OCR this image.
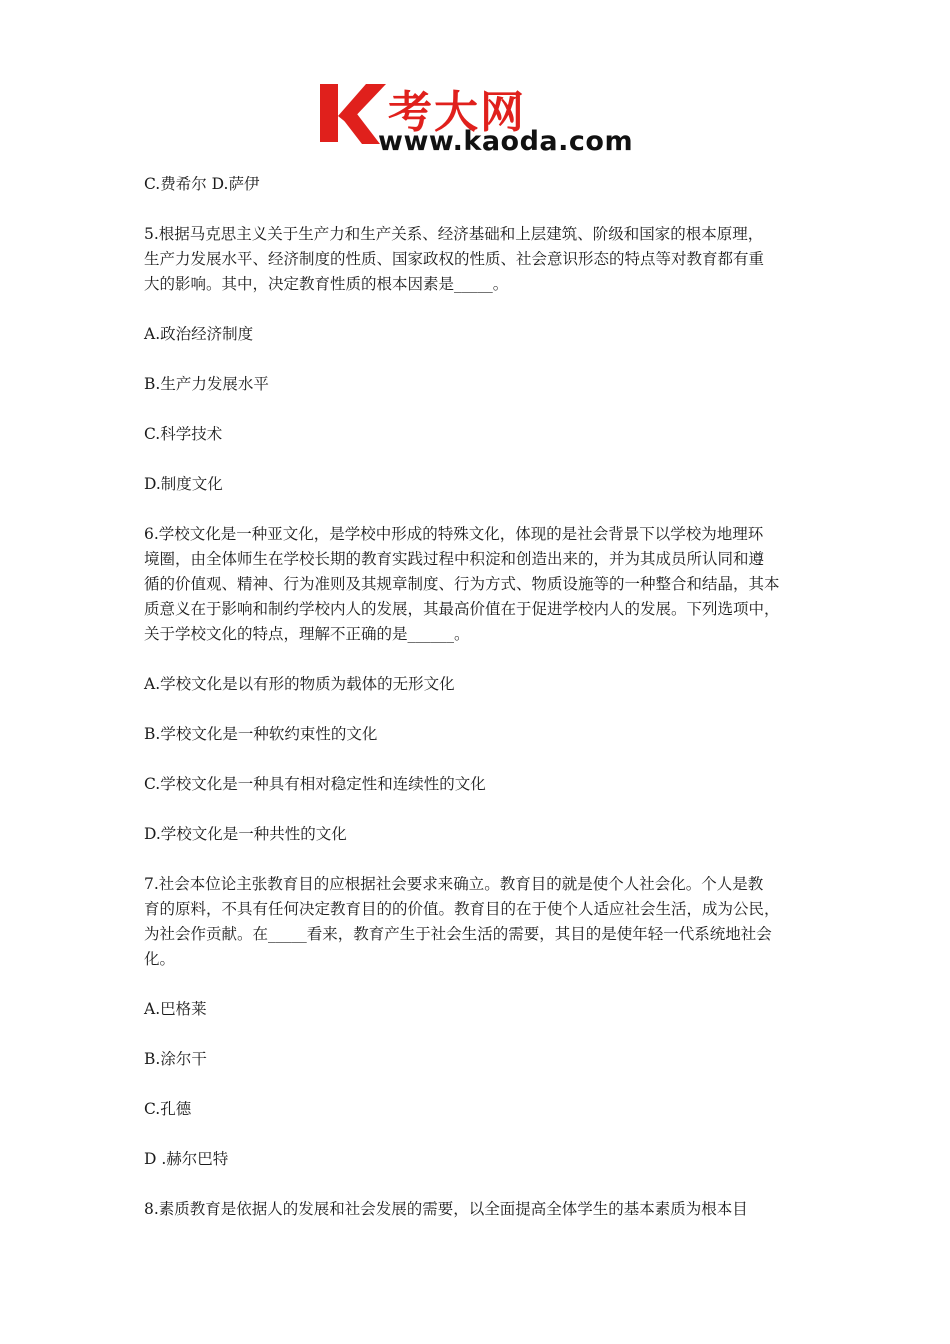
考大网
www.kaoda.com
C.费希尔 D.萨伊
5.根据马克思主义关于生产力和生产关系、经济基础和上层建筑、阶级和国家的根本原理，
生产力发展水平、经济制度的性质、国家政权的性质、社会意识形态的特点等对教育都有重
大的影响。其中，决定教育性质的根本因素是_____。
A.政治经济制度
B.生产力发展水平
C.科学技术
D.制度文化
6.学校文化是一种亚文化，是学校中形成的特殊文化，体现的是社会背景下以学校为地理环
境圈，由全体师生在学校长期的教育实践过程中积淀和创造出来的，并为其成员所认同和遵
循的价值观、精神、行为准则及其规章制度、行为方式、物质设施等的一种整合和结晶，其本
质意义在于影响和制约学校内人的发展，其最高价值在于促进学校内人的发展。下列选项中，
关于学校文化的特点，理解不正确的是______。
A.学校文化是以有形的物质为载体的无形文化
B.学校文化是一种软约束性的文化
C.学校文化是一种具有相对稳定性和连续性的文化
D.学校文化是一种共性的文化
7.社会本位论主张教育目的应根据社会要求来确立。教育目的就是使个人社会化。个人是教
育的原料，不具有任何决定教育目的的价值。教育目的在于使个人适应社会生活，成为公民，
为社会作贡献。在_____看来，教育产生于社会生活的需要，其目的是使年轻一代系统地社会
化。
A.巴格莱
B.涂尔干
C.孔德
D .赫尔巴特
8.素质教育是依据人的发展和社会发展的需要，以全面提高全体学生的基本素质为根本目
